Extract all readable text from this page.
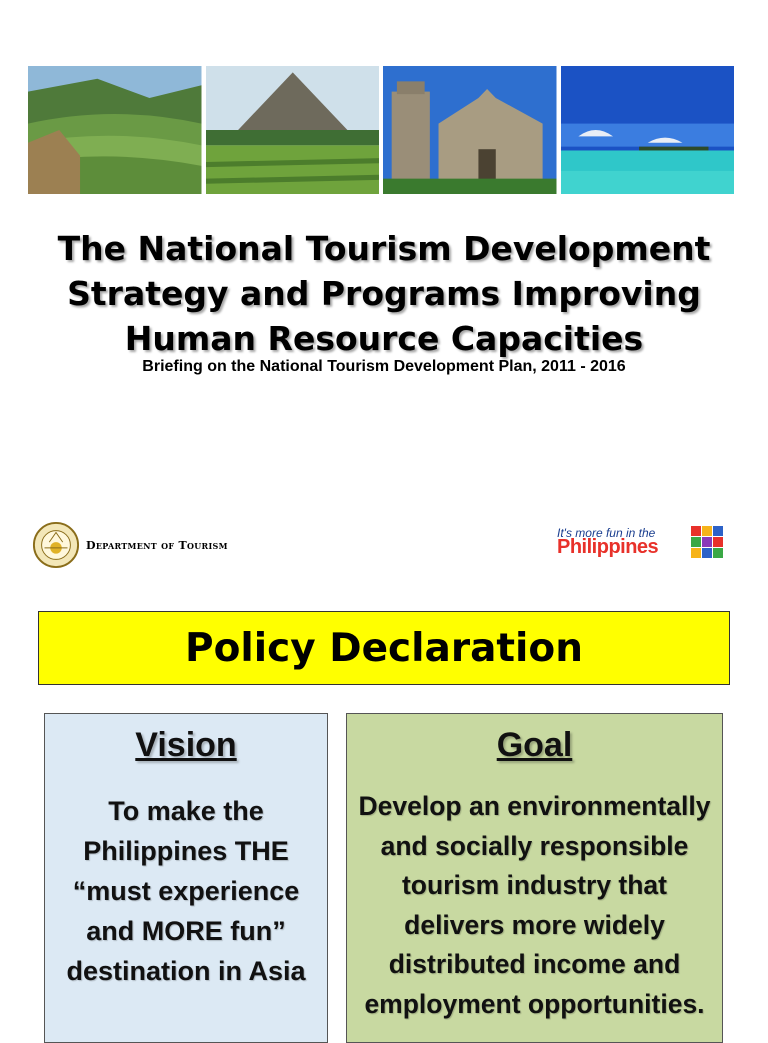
The National Tourism Development
Strategy and Programs Improving
Human Resource Capacities
Briefing on the National Tourism Development Plan, 2011 - 2016
Department of Tourism
It's more fun in the
Philippines
Policy Declaration
Vision

To make the Philippines THE “must experience and MORE fun” destination in Asia

Goal

Develop an environmentally and socially responsible tourism industry that delivers more widely distributed income and employment opportunities.
